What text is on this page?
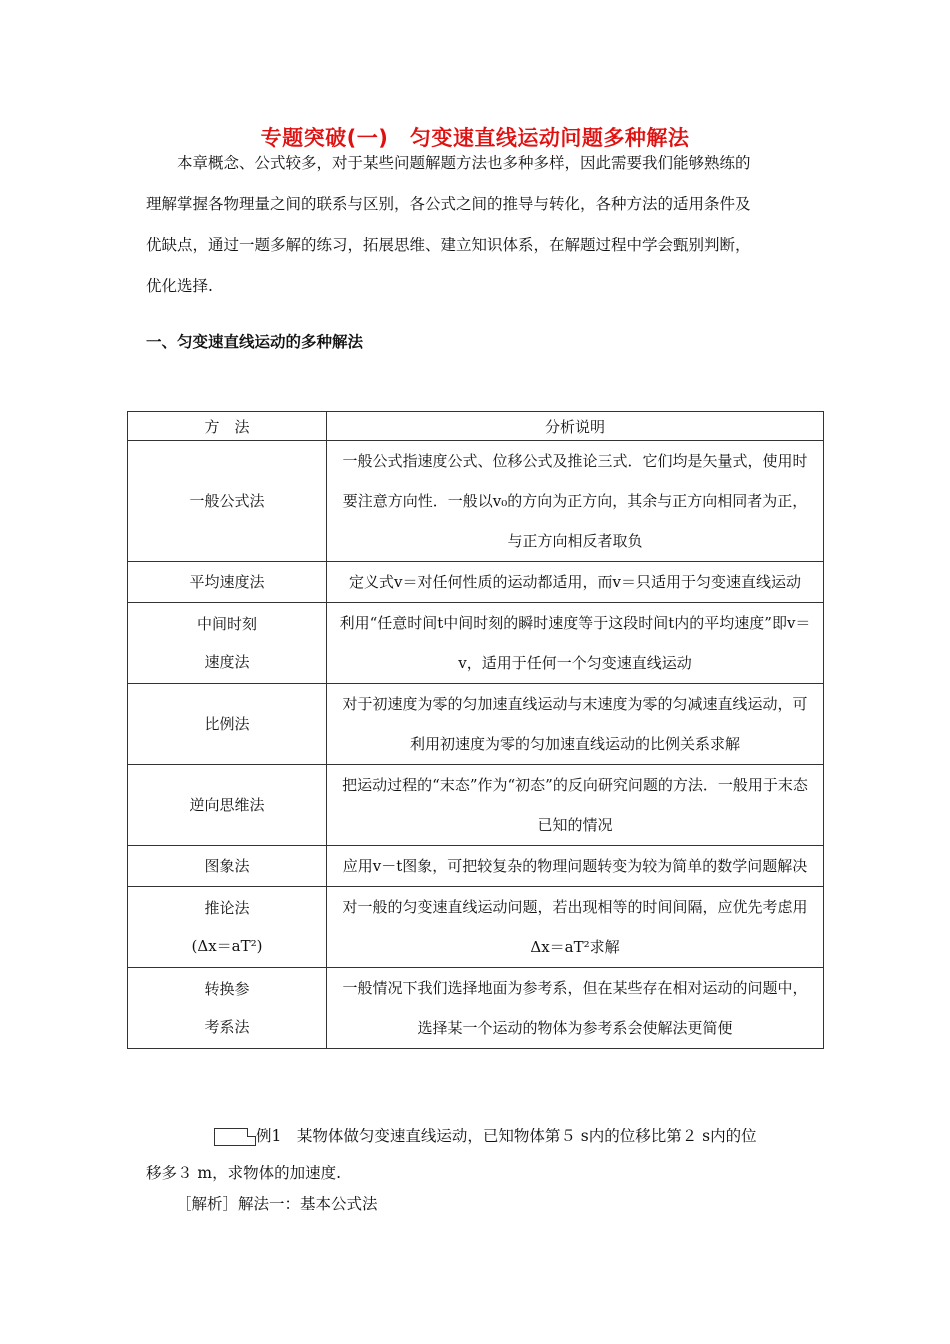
专题突破(一)　匀变速直线运动问题多种解法
本章概念、公式较多，对于某些问题解题方法也多种多样，因此需要我们能够熟练的
理解掌握各物理量之间的联系与区别，各公式之间的推导与转化，各种方法的适用条件及
优缺点，通过一题多解的练习，拓展思维、建立知识体系，在解题过程中学会甄别判断，
优化选择.
一、匀变速直线运动的多种解法
方　法	分析说明
一般公式法	一般公式指速度公式、位移公式及推论三式．它们均是矢量式，使用时要注意方向性．一般以v₀的方向为正方向，其余与正方向相同者为正，与正方向相反者取负
平均速度法	定义式v＝对任何性质的运动都适用，而v＝只适用于匀变速直线运动
中间时刻
速度法	利用“任意时间t中间时刻的瞬时速度等于这段时间t内的平均速度”即v＝v，适用于任何一个匀变速直线运动
比例法	对于初速度为零的匀加速直线运动与末速度为零的匀减速直线运动，可利用初速度为零的匀加速直线运动的比例关系求解
逆向思维法	把运动过程的“末态”作为“初态”的反向研究问题的方法．一般用于末态已知的情况
图象法	应用v－t图象，可把较复杂的物理问题转变为较为简单的数学问题解决
推论法
(Δx＝aT²)	对一般的匀变速直线运动问题，若出现相等的时间间隔，应优先考虑用 Δx＝aT²求解
转换参
考系法	一般情况下我们选择地面为参考系，但在某些存在相对运动的问题中，选择某一个运动的物体为参考系会使解法更简便
例1　某物体做匀变速直线运动，已知物体第５ s内的位移比第２ s内的位
移多３ m，求物体的加速度.
［解析］解法一：基本公式法
